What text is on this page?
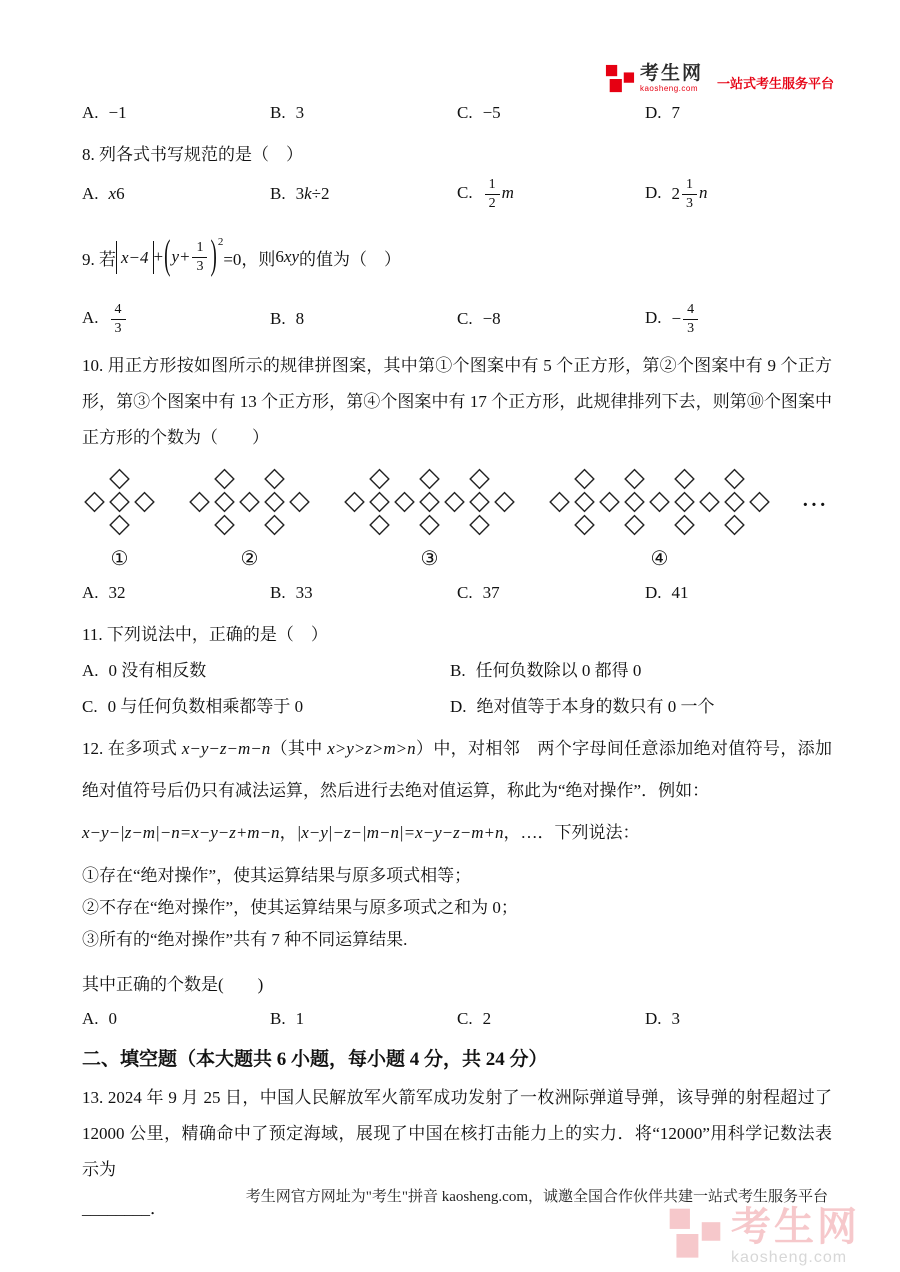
考生网
kaosheng.com	一站式考生服务平台
A. −1	B. 3	C. −5	D. 7

8. 列各式书写规范的是（　）

A. x6	B. 3k÷2	C. $\frac{1}{2}$ m	D. $2 \frac{1}{3}$ n
9. 若 x−4 + ( $y+ \frac{1}{3}$ ) 2
=0，则 6 xy 的值为（　）
A. $\frac{4}{3}$	B. 8	C. −8	D. − $\frac{4}{3}$

10. 用正方形按如图所示的规律拼图案，其中第①个图案中有 5 个正方形，第②个图案中有 9 个正方形，第③个图案中有 13 个正方形，第④个图案中有 17 个正方形，此规律排列下去，则第⑩个图案中正方形的个数为（　　）

◇
◇ ◇ ◇
◇
①
◇ ◇
◇ ◇ ◇ ◇ ◇
◇ ◇
②
◇ ◇ ◇
◇ ◇ ◇ ◇ ◇ ◇ ◇
◇ ◇ ◇
③
◇ ◇ ◇ ◇
◇ ◇ ◇ ◇ ◇ ◇ ◇ ◇ ◇
◇ ◇ ◇ ◇
④
···
A. 32	B. 33	C. 37	D. 41

11. 下列说法中，正确的是（　）

A. 0 没有相反数	B. 任何负数除以 0 都得 0
C. 0 与任何负数相乘都等于 0	D. 绝对值等于本身的数只有 0 一个

12. 在多项式 x−y−z−m−n（其中 x>y>z>m>n）中，对相邻　两个字母间任意添加绝对值符号，添加绝对值符号后仍只有减法运算，然后进行去绝对值运算，称此为“绝对操作”．例如：
x−y−|z−m|−n=x−y−z+m−n，|x−y|−z−|m−n|=x−y−z−m+n，…．下列说法：

①存在“绝对操作”，使其运算结果与原多项式相等；

②不存在“绝对操作”，使其运算结果与原多项式之和为 0；

③所有的“绝对操作”共有 7 种不同运算结果.

其中正确的个数是(　　)

A. 0	B. 1	C. 2	D. 3

二、填空题（本大题共 6 小题，每小题 4 分，共 24 分）

13. 2024 年 9 月 25 日，中国人民解放军火箭军成功发射了一枚洲际弹道导弹，该导弹的射程超过了 12000 公里，精确命中了预定海域，展现了中国在核打击能力上的实力．将“12000”用科学记数法表示为

________．

考生网官方网址为"考生"拼音 kaosheng.com，诚邀全国合作伙伴共建一站式考生服务平台
考生网
kaosheng.com
